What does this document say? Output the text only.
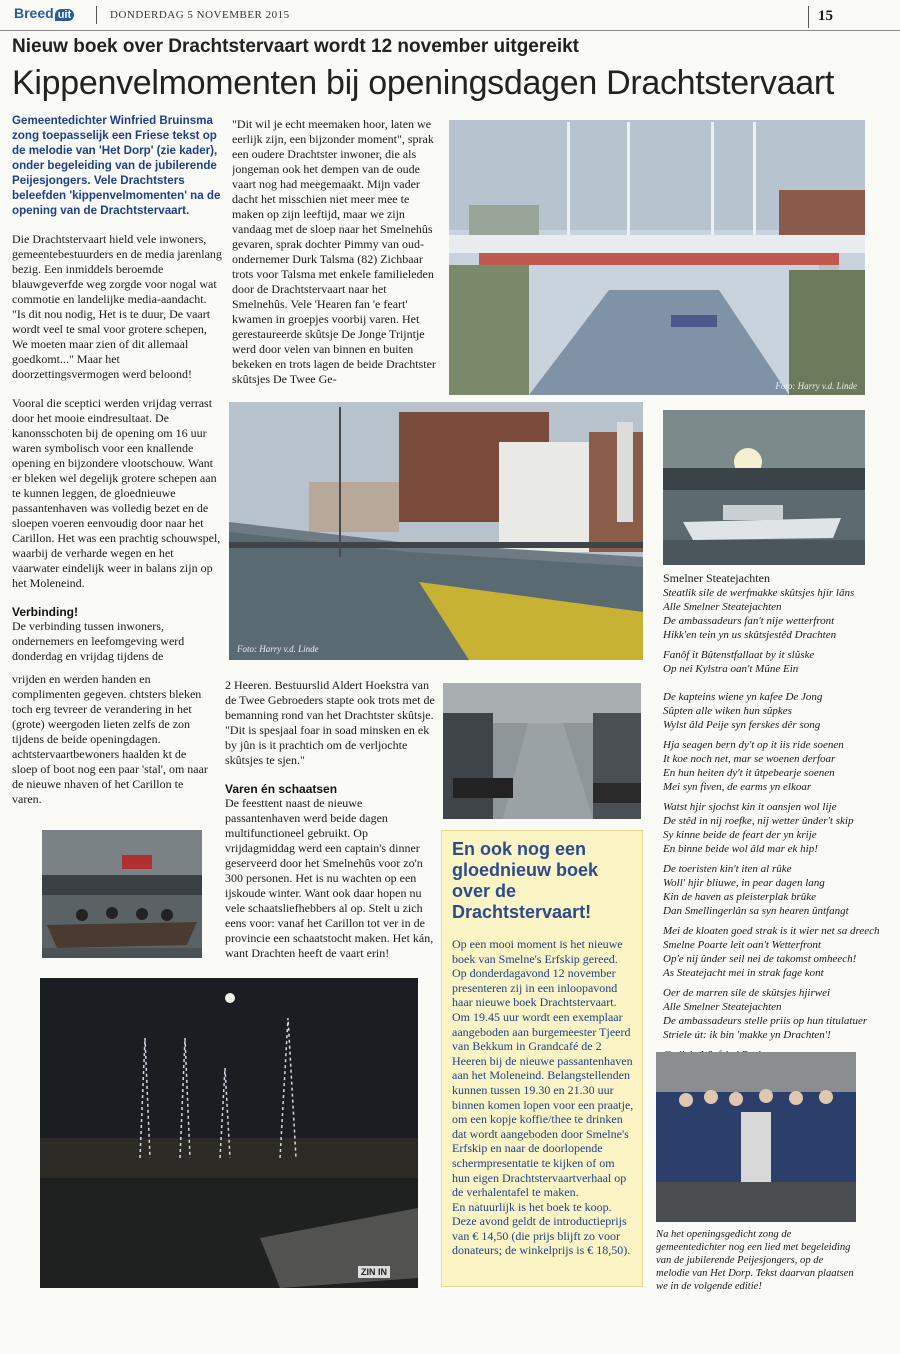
Breed uit	DONDERDAG 5 NOVEMBER 2015	15
Nieuw boek over Drachtstervaart wordt 12 november uitgereikt
Kippenvelmomenten bij openingsdagen Drachtstervaart

Gemeentedichter Winfried Bruinsma zong toepasselijk een Friese tekst op de melodie van 'Het Dorp' (zie kader), onder begeleiding van de jubilerende Peijesjongers. Vele Drachtsters beleefden 'kippenvelmomenten' na de opening van de Drachtstervaart.

Die Drachtstervaart hield vele inwoners, gemeentebestuurders en de media jarenlang bezig. Een inmiddels beroemde blauwgeverfde weg zorgde voor nogal wat commotie en landelijke media-aandacht. "Is dit nou nodig, Het is te duur, De vaart wordt veel te smal voor grotere schepen, We moeten maar zien of dit allemaal goedkomt..." Maar het doorzettingsvermogen werd beloond!

Vooral die sceptici werden vrijdag verrast door het mooie eindresultaat. De kanonsschoten bij de opening om 16 uur waren symbolisch voor een knallende opening en bijzondere vlootschouw. Want er bleken wel degelijk grotere schepen aan te kunnen leggen, de gloednieuwe passantenhaven was volledig bezet en de sloepen voeren eenvoudig door naar het Carillon. Het was een prachtig schouwspel, waarbij de verharde wegen en het vaarwater eindelijk weer in balans zijn op het Moleneind.

Verbinding!

De verbinding tussen inwoners, ondernemers en leefomgeving werd donderdag en vrijdag tijdens de

vrijden en werden handen en complimenten gegeven. chtsters bleken toch erg tevreer de verandering in het (grote) weergoden lieten zelfs de zon tijdens de beide openingdagen. achtstervaartbewoners haalden kt de sloep of boot nog een paar 'stal', om naar de nieuwe nhaven of het Carillon te varen.

"Dit wil je echt meemaken hoor, laten we eerlijk zijn, een bijzonder moment", sprak een oudere Drachtster inwoner, die als jongeman ook het dempen van de oude vaart nog had meegemaakt. Mijn vader dacht het misschien niet meer mee te maken op zijn leeftijd, maar we zijn vandaag met de sloep naar het Smelnehûs gevaren, sprak dochter Pimmy van oud-ondernemer Durk Talsma (82) Zichbaar trots voor Talsma met enkele familieleden door de Drachtstervaart naar het Smelnehûs. Vele 'Hearen fan 'e feart' kwamen in groepjes voorbij varen. Het gerestaureerde skûtsje De Jonge Trijntje werd door velen van binnen en buiten bekeken en trots lagen de beide Drachtster skûtsjes De Twee Ge-

2 Heeren. Bestuurslid Aldert Hoekstra van de Twee Gebroeders stapte ook trots met de bemanning rond van het Drachtster skûtsje. "Dit is spesjaal foar in soad minsken en ek by jûn is it prachtich om de verljochte skûtsjes te sjen."

Varen én schaatsen

De feesttent naast de nieuwe passantenhaven werd beide dagen multifunctioneel gebruikt. Op vrijdagmiddag werd een captain's dinner geserveerd door het Smelnehûs voor zo'n 300 personen. Het is nu wachten op een ijskoude winter. Want ook daar hopen nu vele schaatsliefhebbers al op. Stelt u zich eens voor: vanaf het Carillon tot ver in de provincie een schaatstocht maken. Het kán, want Drachten heeft de vaart erin!

Foto: Harry v.d. Linde
Foto: Harry v.d. Linde
Smelner Steatejachten
Steatlik sile de werfmakke skûtsjes hjir lâns
Alle Smelner Steatejachten
De ambassadeurs fan't nije wetterfront
Hikk'en tein yn us skûtsjestêd Drachten
Fanôf it Bûtenstfallaat by it slûske
Op nei Kylstra oan't Mûne Ein
De kapteins wiene yn kafee De Jong
Sûpten alle wiken hun sûpkes
Wylst âld Peije syn ferskes dêr song
Hja seagen bern dy't op it iis ride soenen
It koe noch net, mar se woenen derfoar
En hun heiten dy't it ûtpebearje soenen
Mei syn fiven, de earms yn elkoar
Watst hjir sjochst kin it oansjen wol lije
De stêd in nij roefke, nij wetter ûnder't skip
Sy kinne beide de feart der yn krije
En binne beide wol âld mar ek hip!
De toeristen kin't iten al rûke
Woll' hjir bliuwe, in pear dagen lang
Kin de haven as pleisterplak brûke
Dan Smellingerlân sa syn hearen ûntfangt
Mei de kloaten goed strak is it wier net sa dreech
Smelne Poarte leit oan't Wetterfront
Op'e nij ûnder seil nei de takomst omheech!
As Steatejacht mei in strak fage kont
Oer de marren sile de skûtsjes hjirwei
Alle Smelner Steatejachten
De ambassadeurs stelle priis op hun titulatuer
Striele út: ik bin 'makke yn Drachten'!
ZIN IN
En ook nog een gloednieuw boek over de Drachtstervaart!

Op een mooi moment is het nieuwe boek van Smelne's Erfskip gereed. Op donderdagavond 12 november presenteren zij in een inloopavond haar nieuwe boek Drachtstervaart. Om 19.45 uur wordt een exemplaar aangeboden aan burgemeester Tjeerd van Bekkum in Grandcafé de 2 Heeren bij de nieuwe passantenhaven aan het Moleneind. Belangstellenden kunnen tussen 19.30 en 21.30 uur binnen komen lopen voor een praatje, om een kopje koffie/thee te drinken dat wordt aangeboden door Smelne's Erfskip en naar de doorlopende schermpresentatie te kijken of om hun eigen Drachtstervaartverhaal op de verhalentafel te maken.

En natuurlijk is het boek te koop. Deze avond geldt de introductieprijs van € 14,50 (die prijs blijft zo voor donateurs; de winkelprijs is € 18,50).

Na het openingsgedicht zong de gemeentedichter nog een lied met begeleiding van de jubilerende Peijesjongers, op de melodie van Het Dorp. Tekst daarvan plaatsen we in de volgende editie!
